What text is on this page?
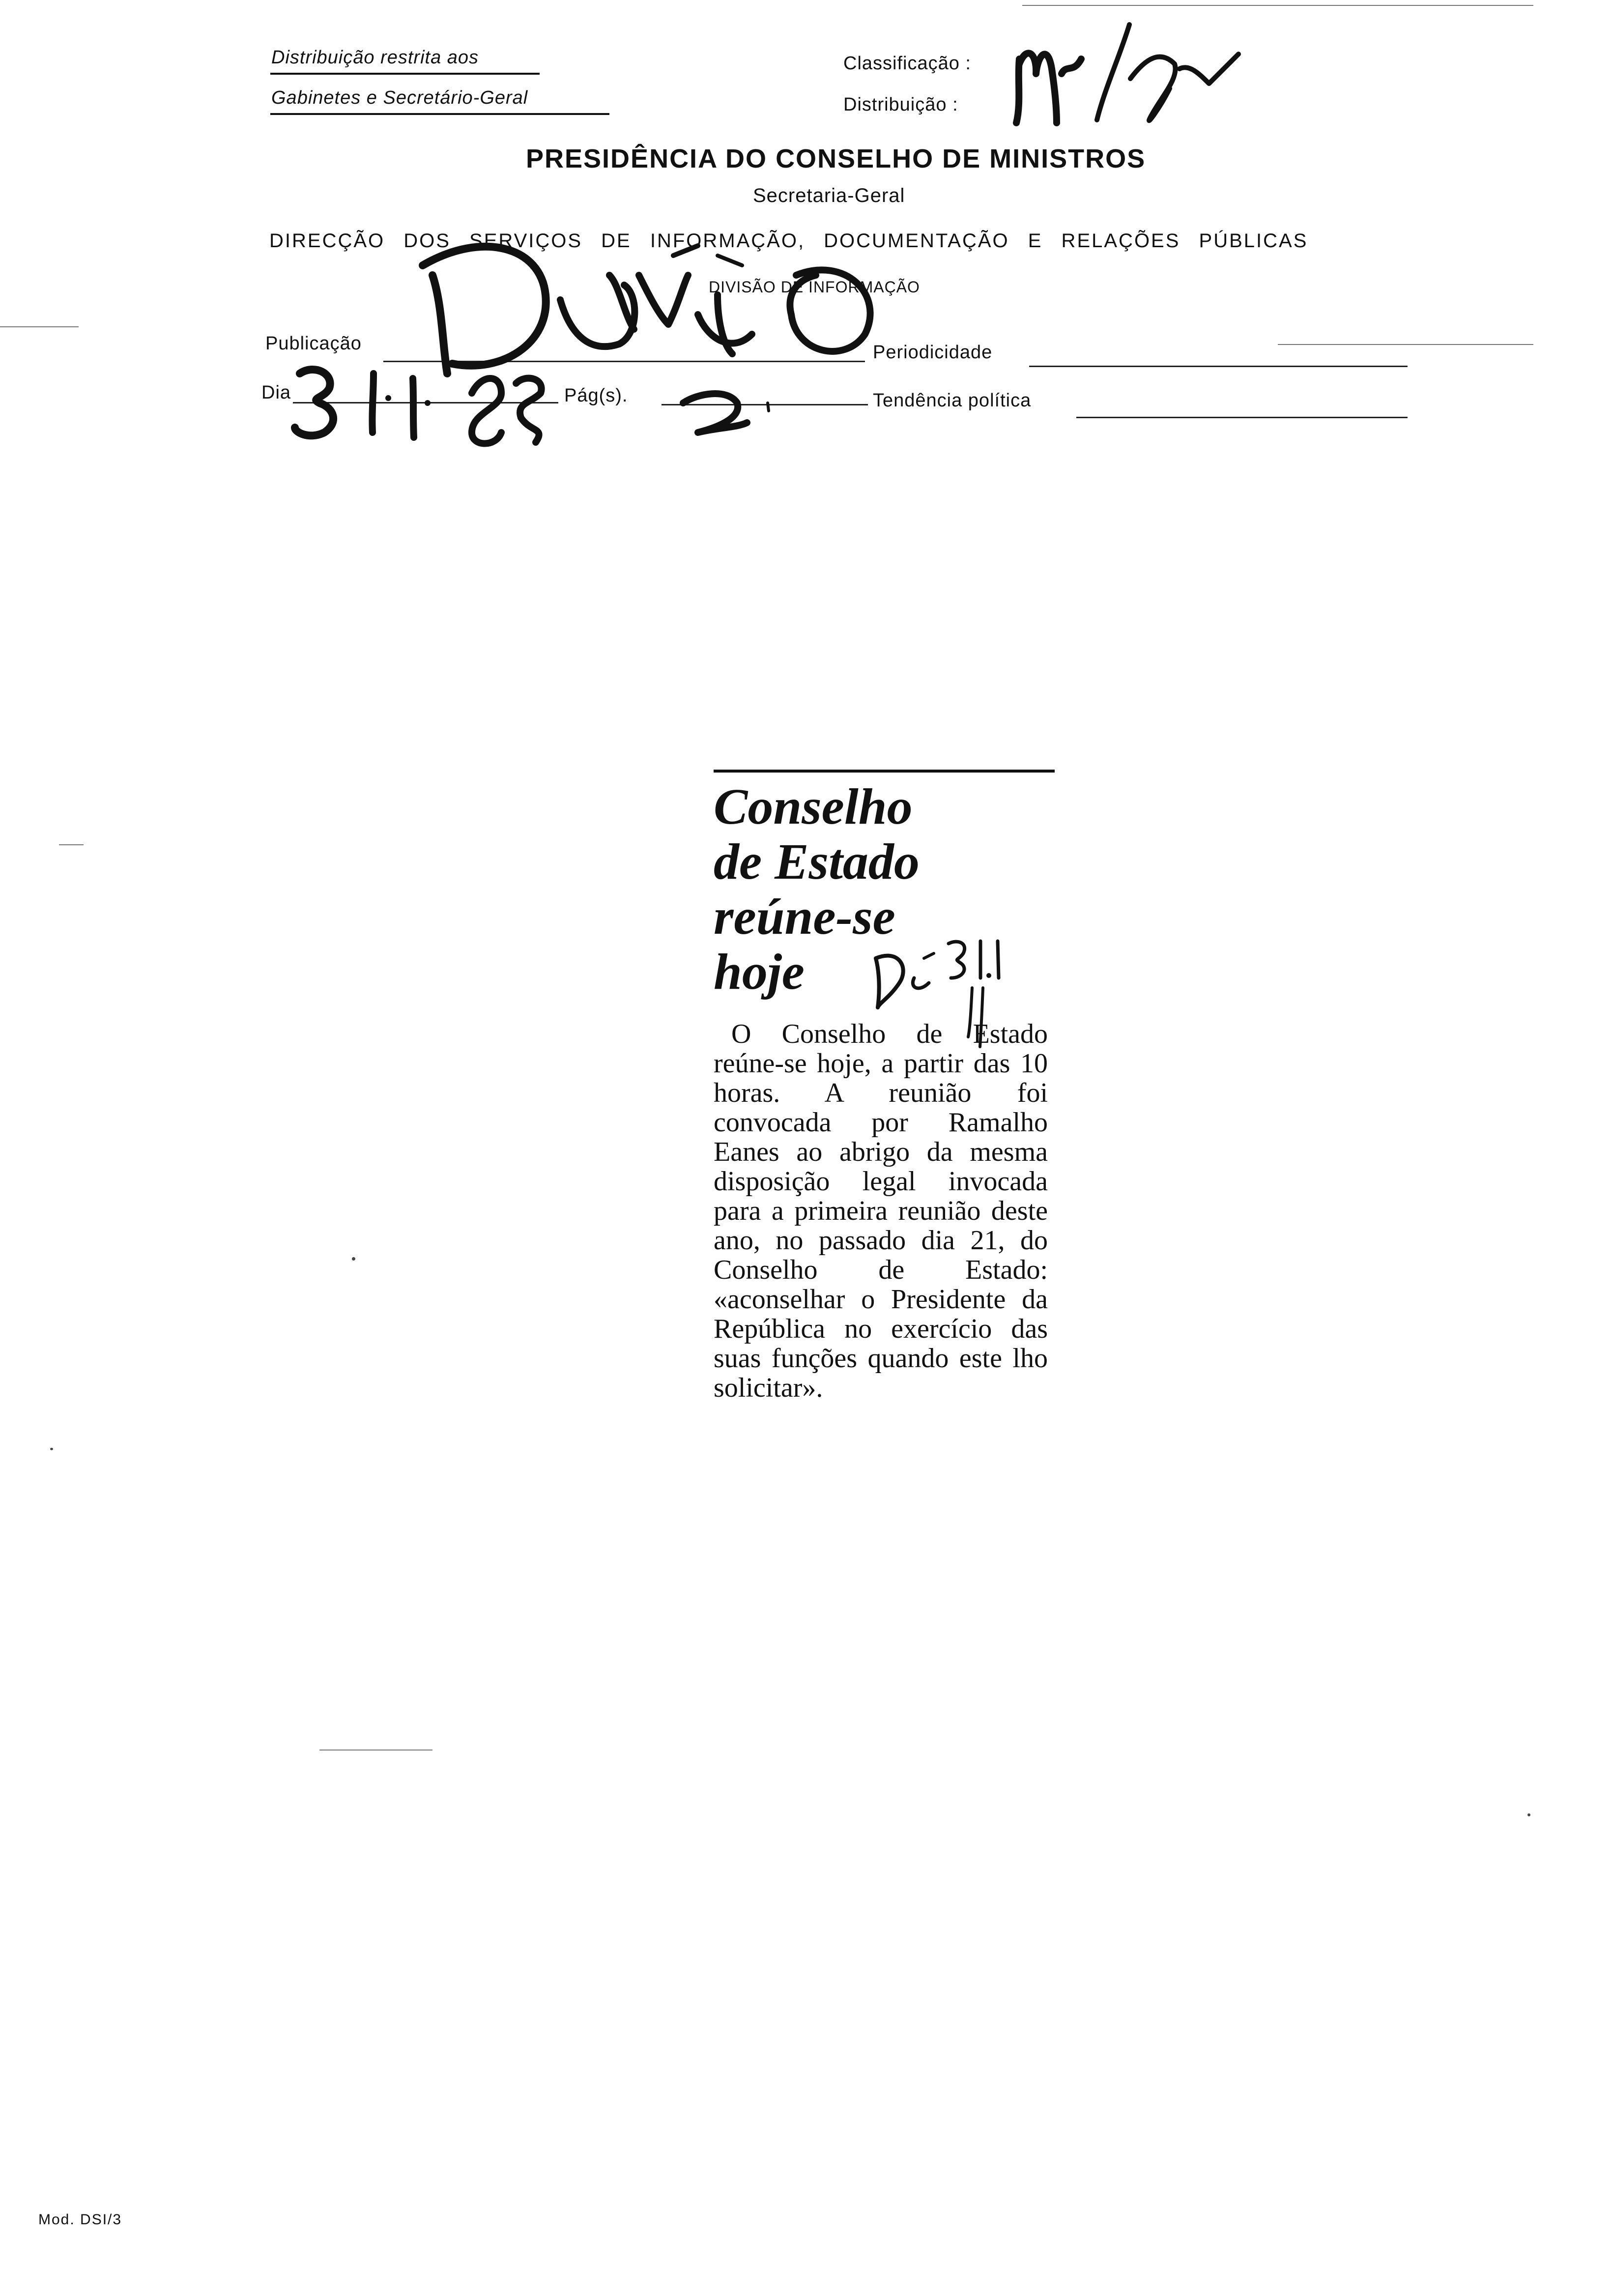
Distribuição restrita aos
Gabinetes e Secretário-Geral
Classificação :
Distribuição :
PRESIDÊNCIA DO CONSELHO DE MINISTROS
Secretaria-Geral
DIRECÇÃO DOS SERVIÇOS DE INFORMAÇÃO, DOCUMENTAÇÃO E RELAÇÕES PÚBLICAS
DIVISÃO DE INFORMAÇÃO
Publicação	Periodicidade
Dia	Pág(s).	Tendência política
Conselho
de Estado
reúne-se
hoje

O Conselho de Estado reúne-se hoje, a partir das 10 horas. A reunião foi convocada por Ramalho Eanes ao abrigo da mesma disposição legal invocada para a primeira reunião deste ano, no passado dia 21, do Conselho de Estado: «aconselhar o Presidente da República no exercício das suas funções quando este lho solicitar».

Mod. DSI/3
